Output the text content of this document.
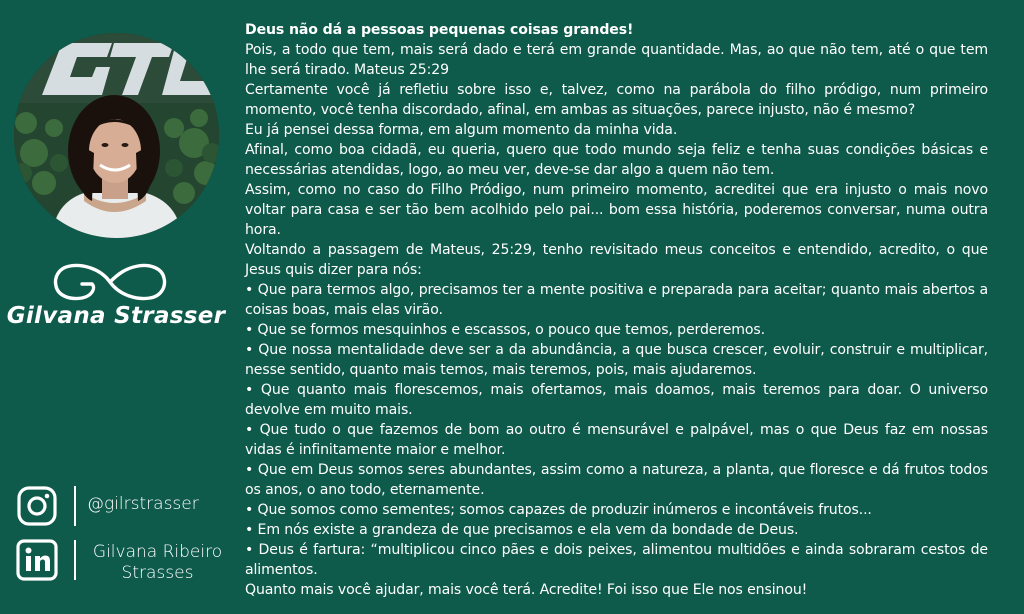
Gilvana Strasser
@gilrstrasser
Gilvana Ribeiro
Strasses

Deus não dá a pessoas pequenas coisas grandes!

Pois, a todo que tem, mais será dado e terá em grande quantidade. Mas, ao que não tem, até o que tem lhe será tirado. Mateus 25:29

Certamente você já refletiu sobre isso e, talvez, como na parábola do filho pródigo, num primeiro momento, você tenha discordado, afinal, em ambas as situações, parece injusto, não é mesmo?

Eu já pensei dessa forma, em algum momento da minha vida.

Afinal, como boa cidadã, eu queria, quero que todo mundo seja feliz e tenha suas condições básicas e necessárias atendidas, logo, ao meu ver, deve-se dar algo a quem não tem.

Assim, como no caso do Filho Pródigo, num primeiro momento, acreditei que era injusto o mais novo voltar para casa e ser tão bem acolhido pelo pai... bom essa história, poderemos conversar, numa outra hora.

Voltando a passagem de Mateus, 25:29, tenho revisitado meus conceitos e entendido, acredito, o que Jesus quis dizer para nós:

• Que para termos algo, precisamos ter a mente positiva e preparada para aceitar; quanto mais abertos a coisas boas, mais elas virão.

• Que se formos mesquinhos e escassos, o pouco que temos, perderemos.

• Que nossa mentalidade deve ser a da abundância, a que busca crescer, evoluir, construir e multiplicar, nesse sentido, quanto mais temos, mais teremos, pois, mais ajudaremos.

• Que quanto mais florescemos, mais ofertamos, mais doamos, mais teremos para doar. O universo devolve em muito mais.

• Que tudo o que fazemos de bom ao outro é mensurável e palpável, mas o que Deus faz em nossas vidas é infinitamente maior e melhor.

• Que em Deus somos seres abundantes, assim como a natureza, a planta, que floresce e dá frutos todos os anos, o ano todo, eternamente.

• Que somos como sementes; somos capazes de produzir inúmeros e incontáveis frutos...

• Em nós existe a grandeza de que precisamos e ela vem da bondade de Deus.

• Deus é fartura: “multiplicou cinco pães e dois peixes, alimentou multidões e ainda sobraram cestos de alimentos.

Quanto mais você ajudar, mais você terá. Acredite! Foi isso que Ele nos ensinou!
